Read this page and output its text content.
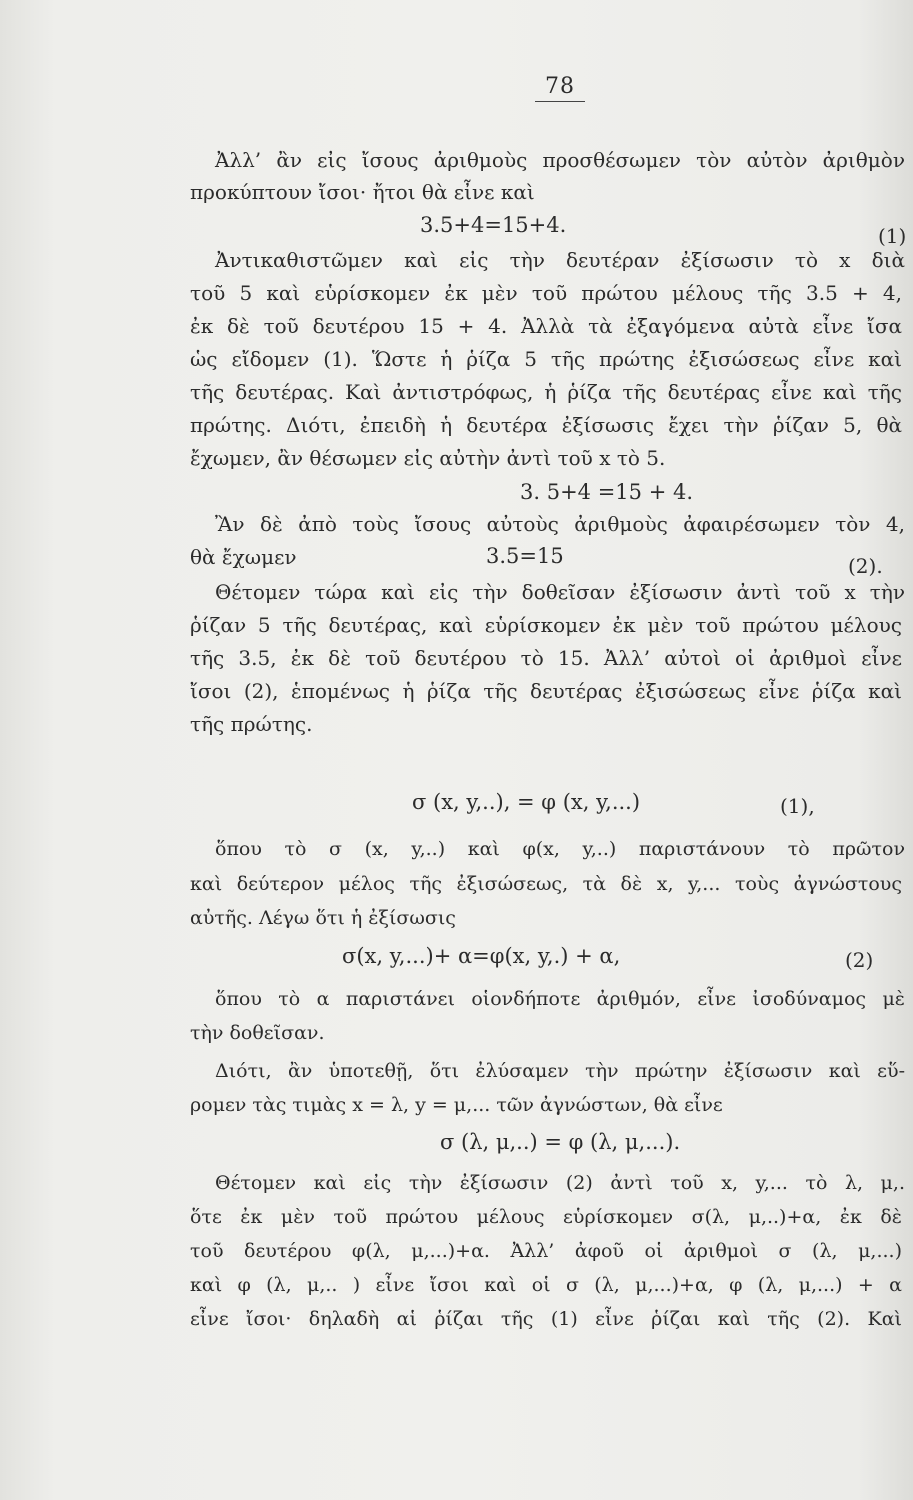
78
Ἀλλ’ ἂν εἰς ἴσους ἀριθμοὺς προσθέσωμεν τὸν αὐτὸν ἀριθμὸν
προκύπτουν ἴσοι· ἤτοι θὰ εἶνε καὶ
3.5+4=15+4.	(1)
Ἀντικαθιστῶμεν καὶ εἰς τὴν δευτέραν ἐξίσωσιν τὸ x διὰ
τοῦ 5 καὶ εὑρίσκομεν ἐκ μὲν τοῦ πρώτου μέλους τῆς 3.5 + 4,
ἐκ δὲ τοῦ δευτέρου 15 + 4. Ἀλλὰ τὰ ἐξαγόμενα αὐτὰ εἶνε ἴσα
ὡς εἴδομεν (1). Ὥστε ἡ ῥίζα 5 τῆς πρώτης ἐξισώσεως εἶνε καὶ
τῆς δευτέρας. Καὶ ἀντιστρόφως, ἡ ῥίζα τῆς δευτέρας εἶνε καὶ τῆς
πρώτης. Διότι, ἐπειδὴ ἡ δευτέρα ἐξίσωσις ἔχει τὴν ῥίζαν 5, θὰ
ἔχωμεν, ἂν θέσωμεν εἰς αὐτὴν ἀντὶ τοῦ x τὸ 5.
3. 5+4 =15 + 4.
Ἂν δὲ ἀπὸ τοὺς ἴσους αὐτοὺς ἀριθμοὺς ἀφαιρέσωμεν τὸν 4,
θὰ ἔχωμεν	3.5=15	(2).
Θέτομεν τώρα καὶ εἰς τὴν δοθεῖσαν ἐξίσωσιν ἀντὶ τοῦ x τὴν
ῥίζαν 5 τῆς δευτέρας, καὶ εὑρίσκομεν ἐκ μὲν τοῦ πρώτου μέλους
τῆς 3.5, ἐκ δὲ τοῦ δευτέρου τὸ 15. Ἀλλ’ αὐτοὶ οἱ ἀριθμοὶ εἶνε
ἴσοι (2), ἑπομένως ἡ ῥίζα τῆς δευτέρας ἐξισώσεως εἶνε ῥίζα καὶ
τῆς πρώτης.
σ (x, y,..), = φ (x, y,...)	(1),
ὅπου τὸ σ (x, y,..) καὶ φ(x, y,..) παριστάνουν τὸ πρῶτον
καὶ δεύτερον μέλος τῆς ἐξισώσεως, τὰ δὲ x, y,... τοὺς ἀγνώστους
αὐτῆς. Λέγω ὅτι ἡ ἐξίσωσις
σ(x, y,...)+ α=φ(x, y,.) + α,	(2)
ὅπου τὸ α παριστάνει οἱονδήποτε ἀριθμόν, εἶνε ἰσοδύναμος μὲ
τὴν δοθεῖσαν.
Διότι, ἂν ὑποτεθῇ, ὅτι ἐλύσαμεν τὴν πρώτην ἐξίσωσιν καὶ εὕ-
ρομεν τὰς τιμὰς x = λ, y = μ,... τῶν ἀγνώστων, θὰ εἶνε
σ (λ, μ,..) = φ (λ, μ,...).
Θέτομεν καὶ εἰς τὴν ἐξίσωσιν (2) ἀντὶ τοῦ x, y,... τὸ λ, μ,.
ὅτε ἐκ μὲν τοῦ πρώτου μέλους εὑρίσκομεν σ(λ, μ,..)+α, ἐκ δὲ
τοῦ δευτέρου φ(λ, μ,...)+α. Ἀλλ’ ἀφοῦ οἱ ἀριθμοὶ σ (λ, μ,...)
καὶ φ (λ, μ,.. ) εἶνε ἴσοι καὶ οἱ σ (λ, μ,...)+α, φ (λ, μ,...) + α
εἶνε ἴσοι· δηλαδὴ αἱ ῥίζαι τῆς (1) εἶνε ῥίζαι καὶ τῆς (2). Καὶ
